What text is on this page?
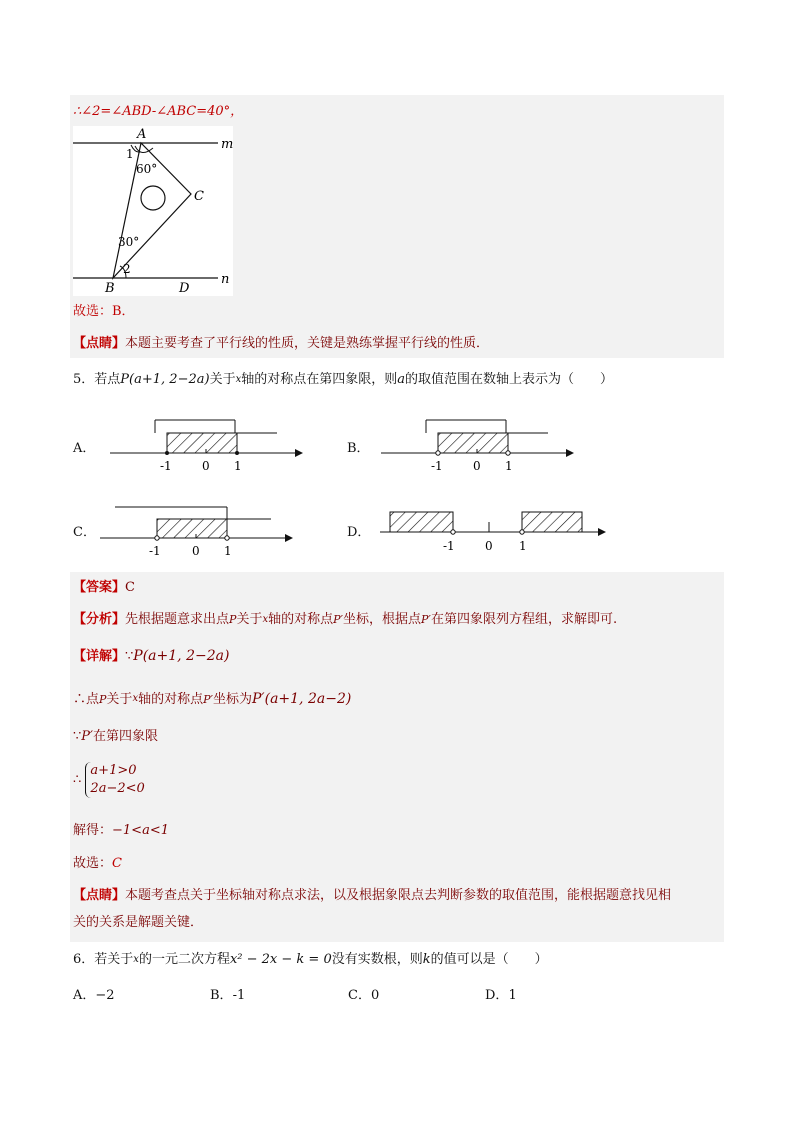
∴∠2=∠ABD-∠ABC=40°，
A
m
1
60°
C
30°
2
n
B	D
故选：B．
【点睛】本题主要考查了平行线的性质，关键是熟练掌握平行线的性质．
5．若点P(a+1, 2−2a)关于$^x$轴的对称点在第四象限，则a的取值范围在数轴上表示为（　　）
A．
-1	0 1
B．
-1	0 1
C．
-1	0 1
D．
-1	0 1
【答案】C
【分析】先根据题意求出点P关于$^x$轴的对称点P′坐标，根据点P′在第四象限列方程组，求解即可.
【详解】∵P(a+1, 2−2a)
∴点P关于$^x$轴的对称点P′坐标为P′(a+1, 2a−2)
∵P′在第四象限
∴
a+1>0
2a−2<0
解得：−1<a<1
故选：C
【点睛】本题考查点关于坐标轴对称点求法，以及根据象限点去判断参数的取值范围，能根据题意找见相
关的关系是解题关键．
6．若关于$^x$的一元二次方程x² − 2x − k = 0没有实数根，则k的值可以是（　　）
A．−2	B．-1	C．0	D．1
